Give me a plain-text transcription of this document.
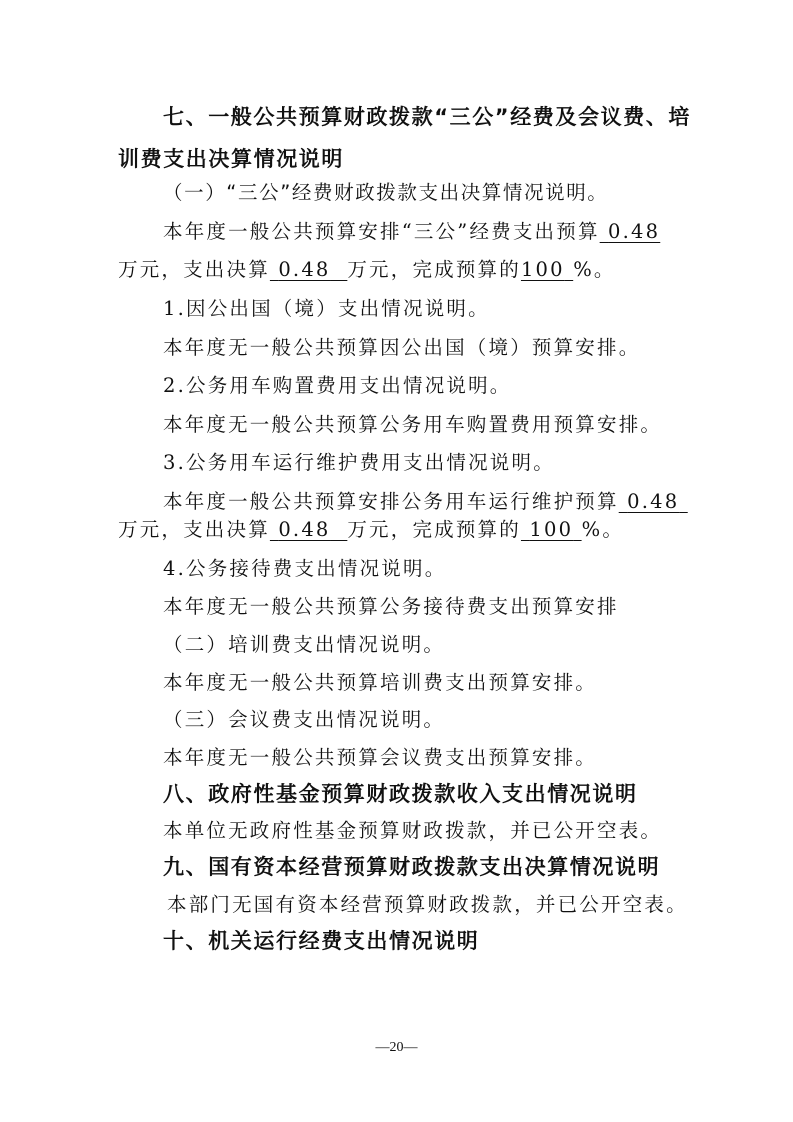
七、一般公共预算财政拨款“三公”经费及会议费、培
训费支出决算情况说明
（一）“三公”经费财政拨款支出决算情况说明。
本年度一般公共预算安排“三公”经费支出预算 0.48
万元，支出决算 0.48 万元，完成预算的100 %。
1.因公出国（境）支出情况说明。
本年度无一般公共预算因公出国（境）预算安排。
2.公务用车购置费用支出情况说明。
本年度无一般公共预算公务用车购置费用预算安排。
3.公务用车运行维护费用支出情况说明。
本年度一般公共预算安排公务用车运行维护预算 0.48
万元，支出决算 0.48 万元，完成预算的 100 %。
4.公务接待费支出情况说明。
本年度无一般公共预算公务接待费支出预算安排
（二）培训费支出情况说明。
本年度无一般公共预算培训费支出预算安排。
（三）会议费支出情况说明。
本年度无一般公共预算会议费支出预算安排。
八、政府性基金预算财政拨款收入支出情况说明
本单位无政府性基金预算财政拨款，并已公开空表。
九、国有资本经营预算财政拨款支出决算情况说明
本部门无国有资本经营预算财政拨款，并已公开空表。
十、机关运行经费支出情况说明
—20—
